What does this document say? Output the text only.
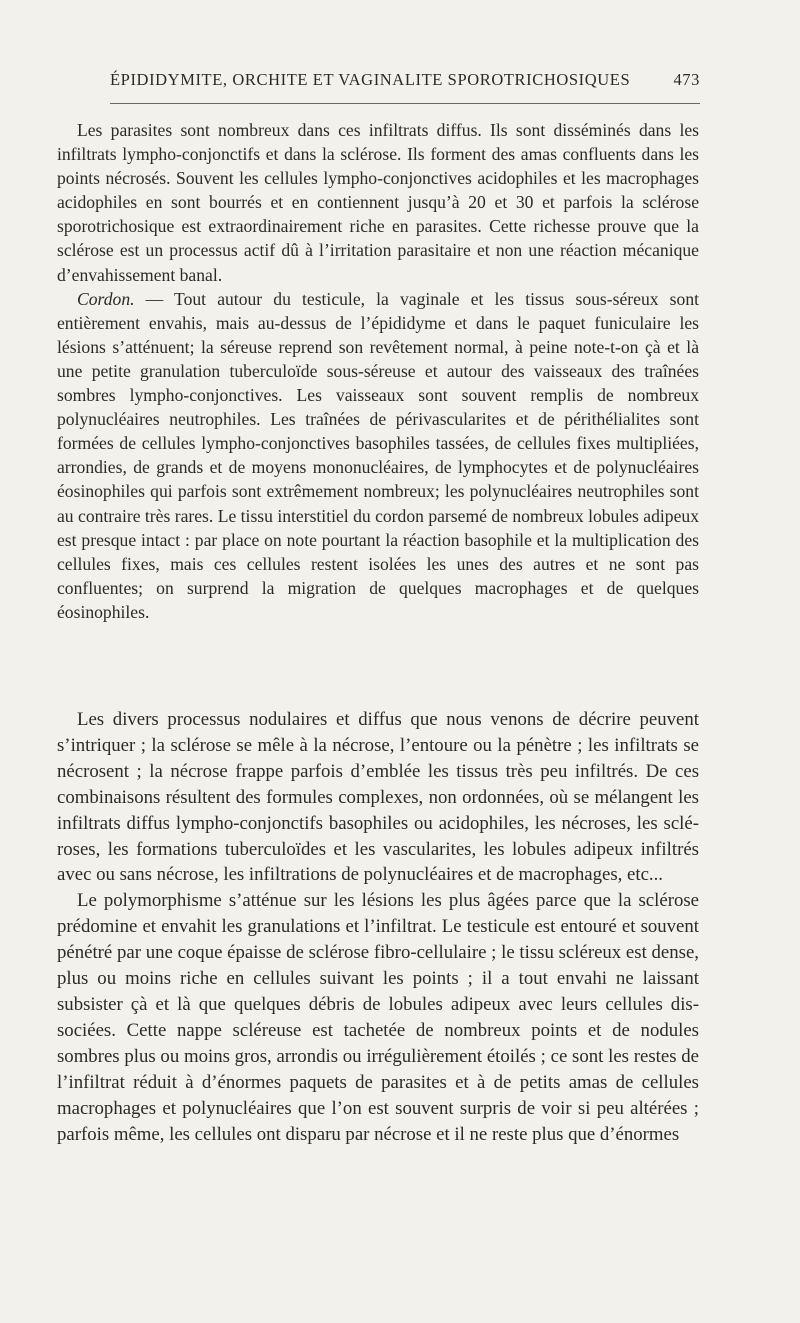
ÉPIDIDYMITE, ORCHITE ET VAGINALITE SPOROTRICHOSIQUES	473

Les parasites sont nombreux dans ces infiltrats diffus. Ils sont disséminés dans les infiltrats lympho-conjonctifs et dans la sclérose. Ils forment des amas confluents dans les points nécrosés. Souvent les cellules lympho-conjonctives acidophiles et les macrophages acidophiles en sont bourrés et en contiennent jusqu’à 20 et 30 et parfois la sclérose sporotrichosique est extraordinairement riche en parasites. Cette richesse prouve que la sclérose est un processus actif dû à l’irritation parasitaire et non une réaction mécanique d’envahissement banal.

Cordon. — Tout autour du testicule, la vaginale et les tissus sous-séreux sont entièrement envahis, mais au-dessus de l’épididyme et dans le paquet funiculaire les lésions s’atténuent; la séreuse reprend son revêtement normal, à peine note-t-on çà et là une petite granulation tuberculoïde sous-séreuse et autour des vaisseaux des traînées sombres lympho-conjonctives. Les vaisseaux sont souvent remplis de nombreux polynucléaires neutrophiles. Les traînées de périvascularites et de périthélialites sont formées de cellules lympho-conjonctives basophiles tassées, de cellules fixes multipliées, arrondies, de grands et de moyens mononucléaires, de lymphocytes et de polynucléaires éosinophiles qui parfois sont extrêmement nombreux; les polynucléaires neutrophiles sont au contraire très rares. Le tissu interstitiel du cordon parsemé de nombreux lobules adipeux est presque intact : par place on note pourtant la réaction basophile et la multiplication des cellules fixes, mais ces cellules restent isolées les unes des autres et ne sont pas confluentes; on surprend la migration de quelques macrophages et de quelques éosinophiles.

Les divers processus nodulaires et diffus que nous venons de décrire peuvent s’intriquer ; la sclérose se mêle à la nécrose, l’entoure ou la pénètre ; les infiltrats se nécrosent ; la nécrose frappe parfois d’emblée les tissus très peu infiltrés. De ces combinaisons résultent des formules complexes, non ordonnées, où se mélangent les infiltrats diffus lympho-conjonctifs basophiles ou acidophiles, les nécroses, les scléroses, les formations tuberculoïdes et les vascularites, les lobules adipeux infiltrés avec ou sans nécrose, les infiltrations de polynucléaires et de macrophages, etc...

Le polymorphisme s’atténue sur les lésions les plus âgées parce que la sclérose prédomine et envahit les granulations et l’infiltrat. Le testicule est entouré et souvent pénétré par une coque épaisse de sclérose fibro-cellulaire ; le tissu scléreux est dense, plus ou moins riche en cellules suivant les points ; il a tout envahi ne laissant subsister çà et là que quelques débris de lobules adipeux avec leurs cellules dissociées. Cette nappe scléreuse est tachetée de nombreux points et de nodules sombres plus ou moins gros, arrondis ou irrégulièrement étoilés ; ce sont les restes de l’infiltrat réduit à d’énormes paquets de parasites et à de petits amas de cellules macrophages et polynucléaires que l’on est souvent surpris de voir si peu altérées ; parfois même, les cellules ont disparu par nécrose et il ne reste plus que d’énormes
